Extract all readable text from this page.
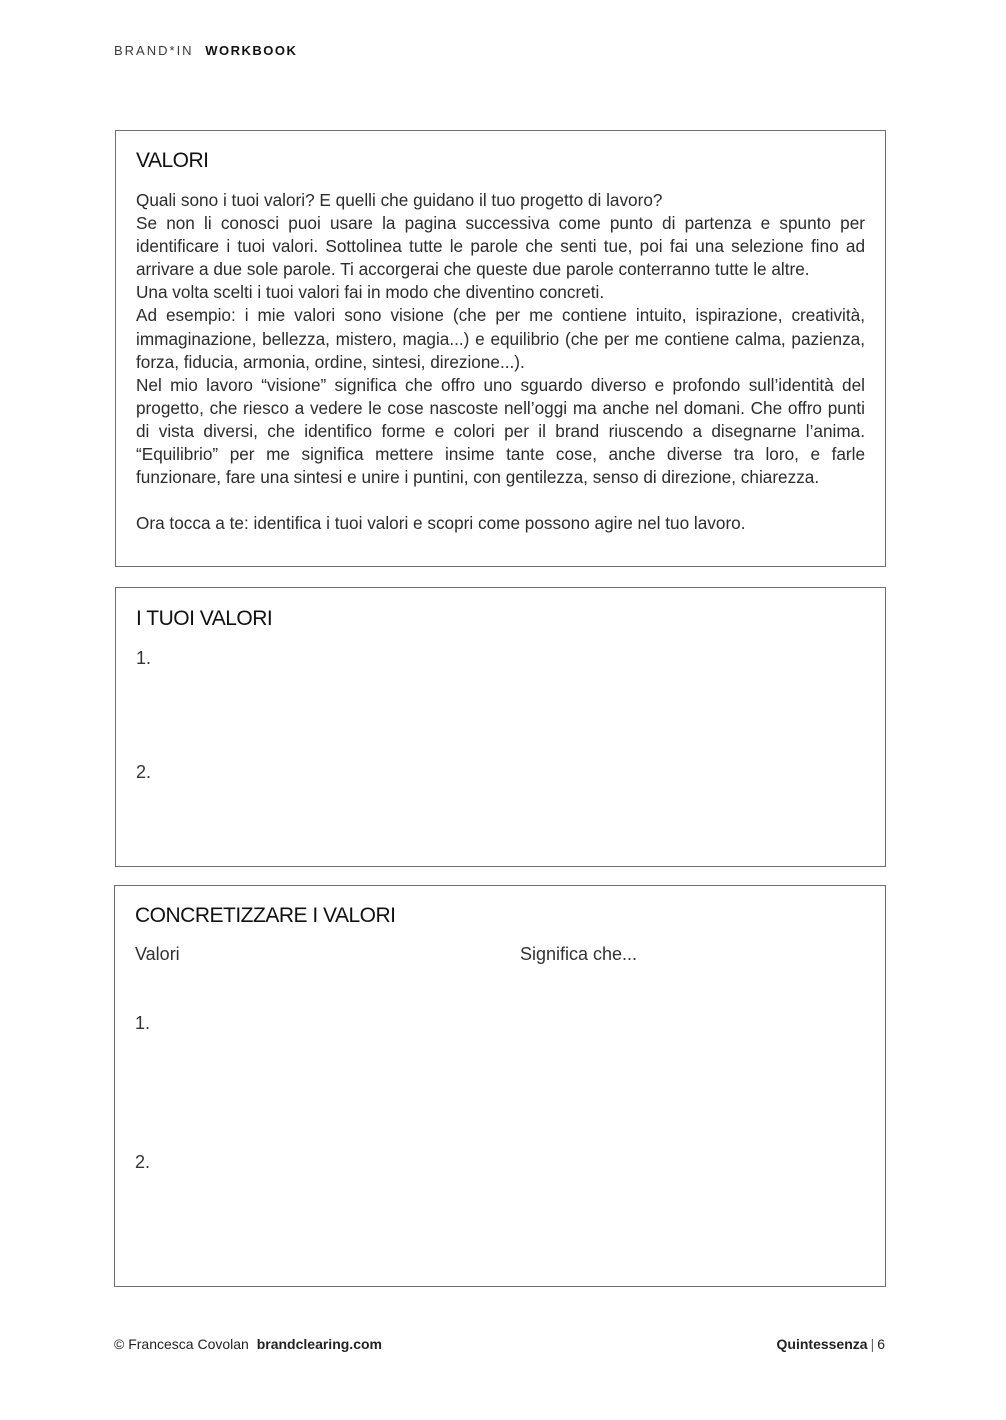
BRAND*IN WORKBOOK
VALORI

Quali sono i tuoi valori? E quelli che guidano il tuo progetto di lavoro?

Se non li conosci puoi usare la pagina successiva come punto di partenza e spunto per identificare i tuoi valori. Sottolinea tutte le parole che senti tue, poi fai una selezione fino ad arrivare a due sole parole. Ti accorgerai che queste due parole conterranno tutte le altre.

Una volta scelti i tuoi valori fai in modo che diventino concreti.

Ad esempio: i mie valori sono visione (che per me contiene intuito, ispirazione, creatività, immaginazione, bellezza, mistero, magia...) e equilibrio (che per me contiene calma, pazienza, forza, fiducia, armonia, ordine, sintesi, direzione...).

Nel mio lavoro “visione” significa che offro uno sguardo diverso e profondo sull’identità del progetto, che riesco a vedere le cose nascoste nell’oggi ma anche nel domani. Che offro punti di vista diversi, che identifico forme e colori per il brand riuscendo a disegnarne l’anima. “Equilibrio” per me significa mettere insime tante cose, anche diverse tra loro, e farle funzionare, fare una sintesi e unire i puntini, con gentilezza, senso di direzione, chiarezza.

Ora tocca a te: identifica i tuoi valori e scopri come possono agire nel tuo lavoro.

I TUOI VALORI
1.
2.
CONCRETIZZARE I VALORI
Valori	Significa che...
1.
2.
© Francesca Covolan brandclearing.com	Quintessenza | 6
